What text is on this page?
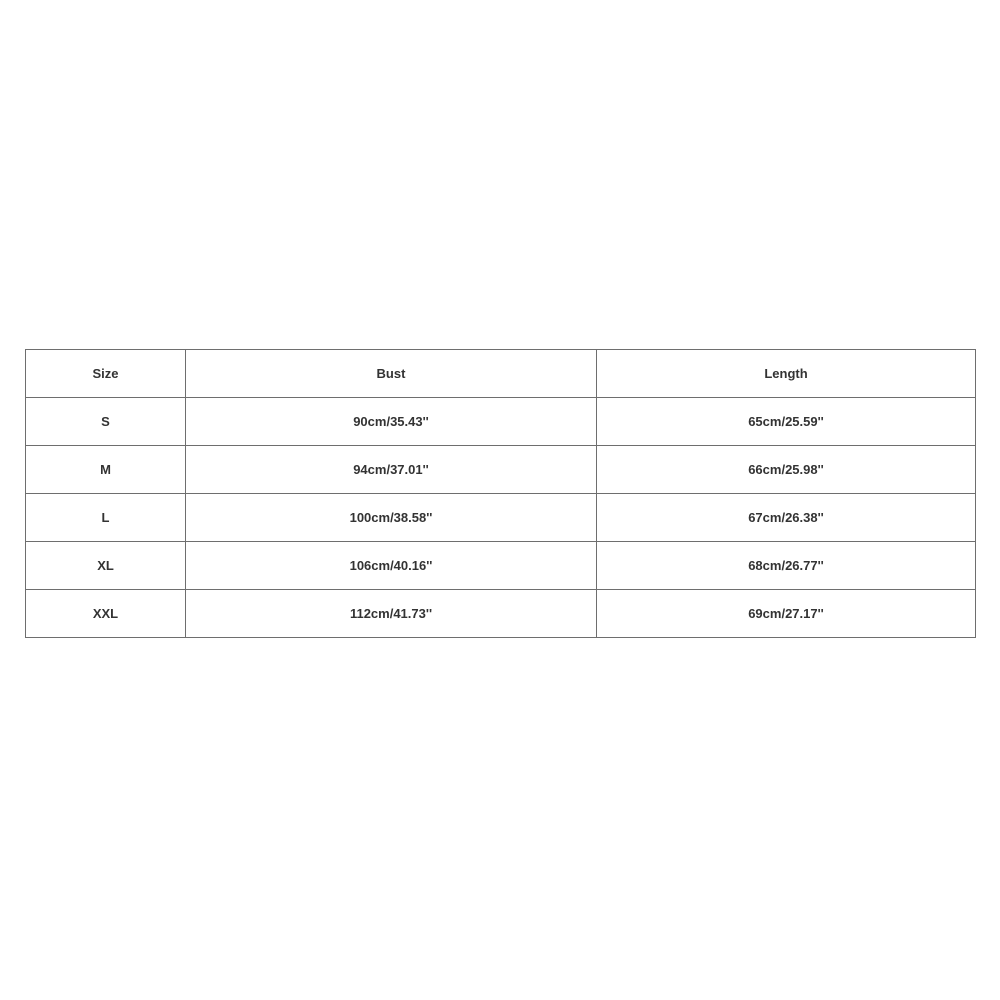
Size	Bust	Length
S	90cm/35.43''	65cm/25.59''
M	94cm/37.01''	66cm/25.98''
L	100cm/38.58''	67cm/26.38''
XL	106cm/40.16''	68cm/26.77''
XXL	112cm/41.73''	69cm/27.17''
